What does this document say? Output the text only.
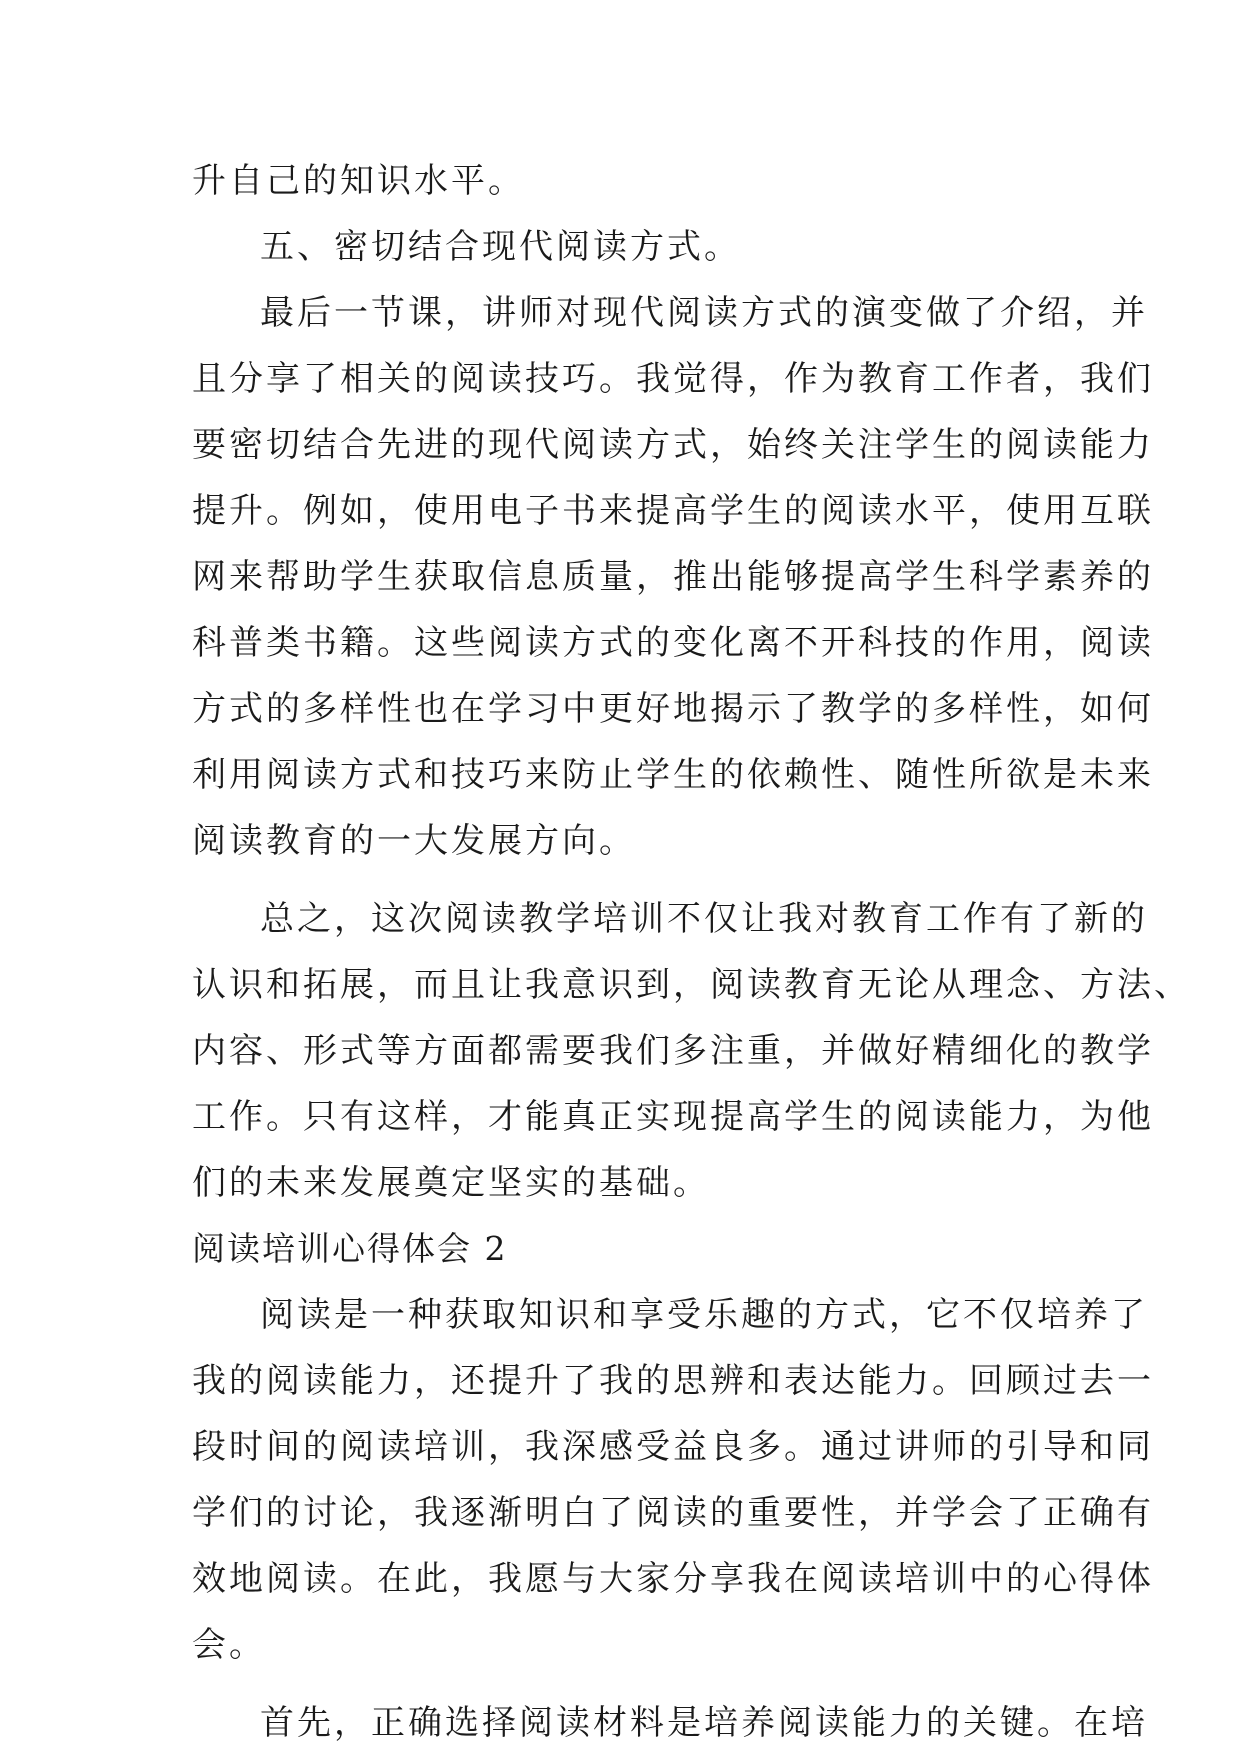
升自己的知识水平。
五、密切结合现代阅读方式。
最后一节课，讲师对现代阅读方式的演变做了介绍，并
且分享了相关的阅读技巧。我觉得，作为教育工作者，我们
要密切结合先进的现代阅读方式，始终关注学生的阅读能力
提升。例如，使用电子书来提高学生的阅读水平，使用互联
网来帮助学生获取信息质量，推出能够提高学生科学素养的
科普类书籍。这些阅读方式的变化离不开科技的作用，阅读
方式的多样性也在学习中更好地揭示了教学的多样性，如何
利用阅读方式和技巧来防止学生的依赖性、随性所欲是未来
阅读教育的一大发展方向。
总之，这次阅读教学培训不仅让我对教育工作有了新的
认识和拓展，而且让我意识到，阅读教育无论从理念、方法、
内容、形式等方面都需要我们多注重，并做好精细化的教学
工作。只有这样，才能真正实现提高学生的阅读能力，为他
们的未来发展奠定坚实的基础。
阅读培训心得体会 2
阅读是一种获取知识和享受乐趣的方式，它不仅培养了
我的阅读能力，还提升了我的思辨和表达能力。回顾过去一
段时间的阅读培训，我深感受益良多。通过讲师的引导和同
学们的讨论，我逐渐明白了阅读的重要性，并学会了正确有
效地阅读。在此，我愿与大家分享我在阅读培训中的心得体
会。
首先，正确选择阅读材料是培养阅读能力的关键。在培
